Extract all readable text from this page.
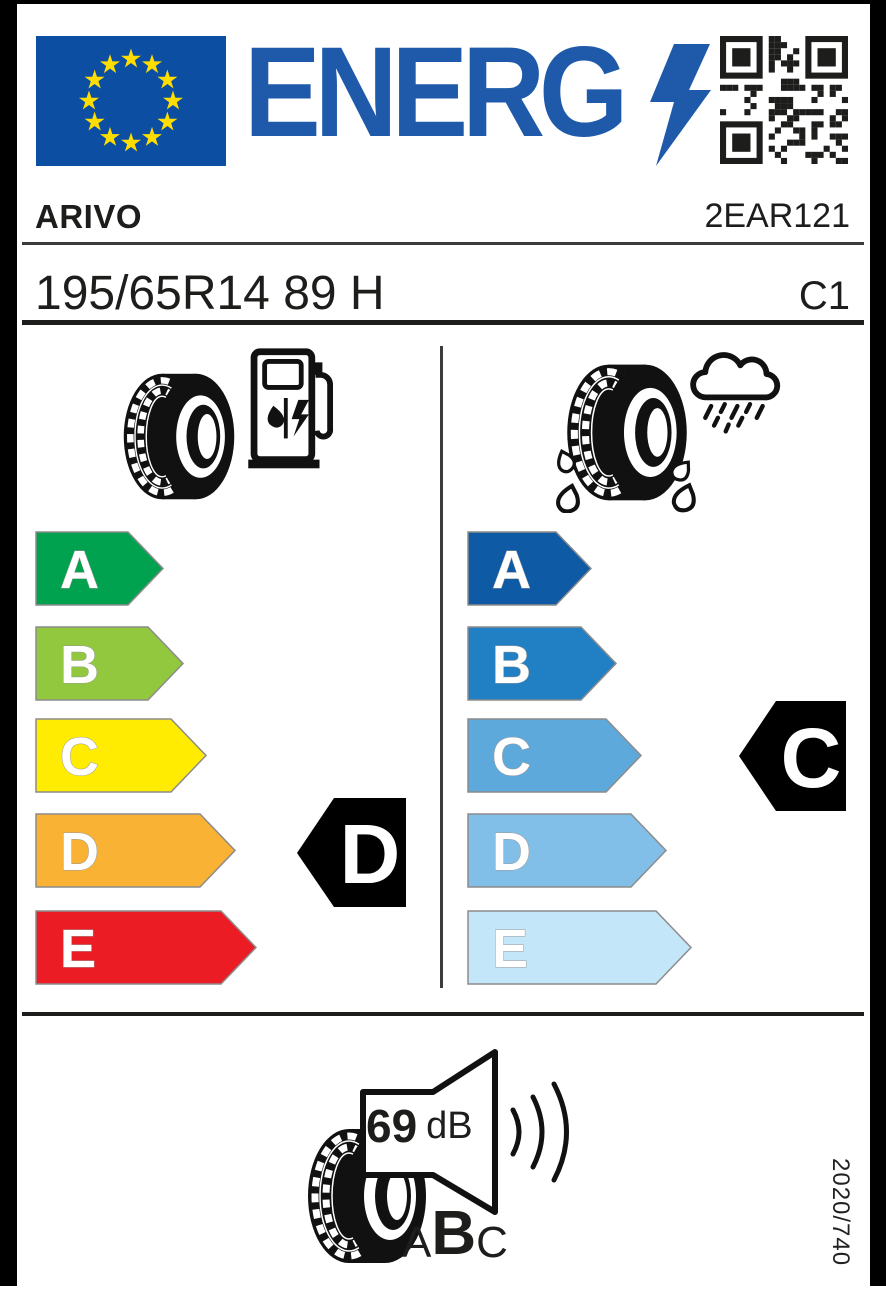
ENERG
ARIVO	2EAR121
195/65R14 89 H	C1
A
B
C
D
E
A
B
C
D
E
D
C
69 dB
A B C	2020/740
